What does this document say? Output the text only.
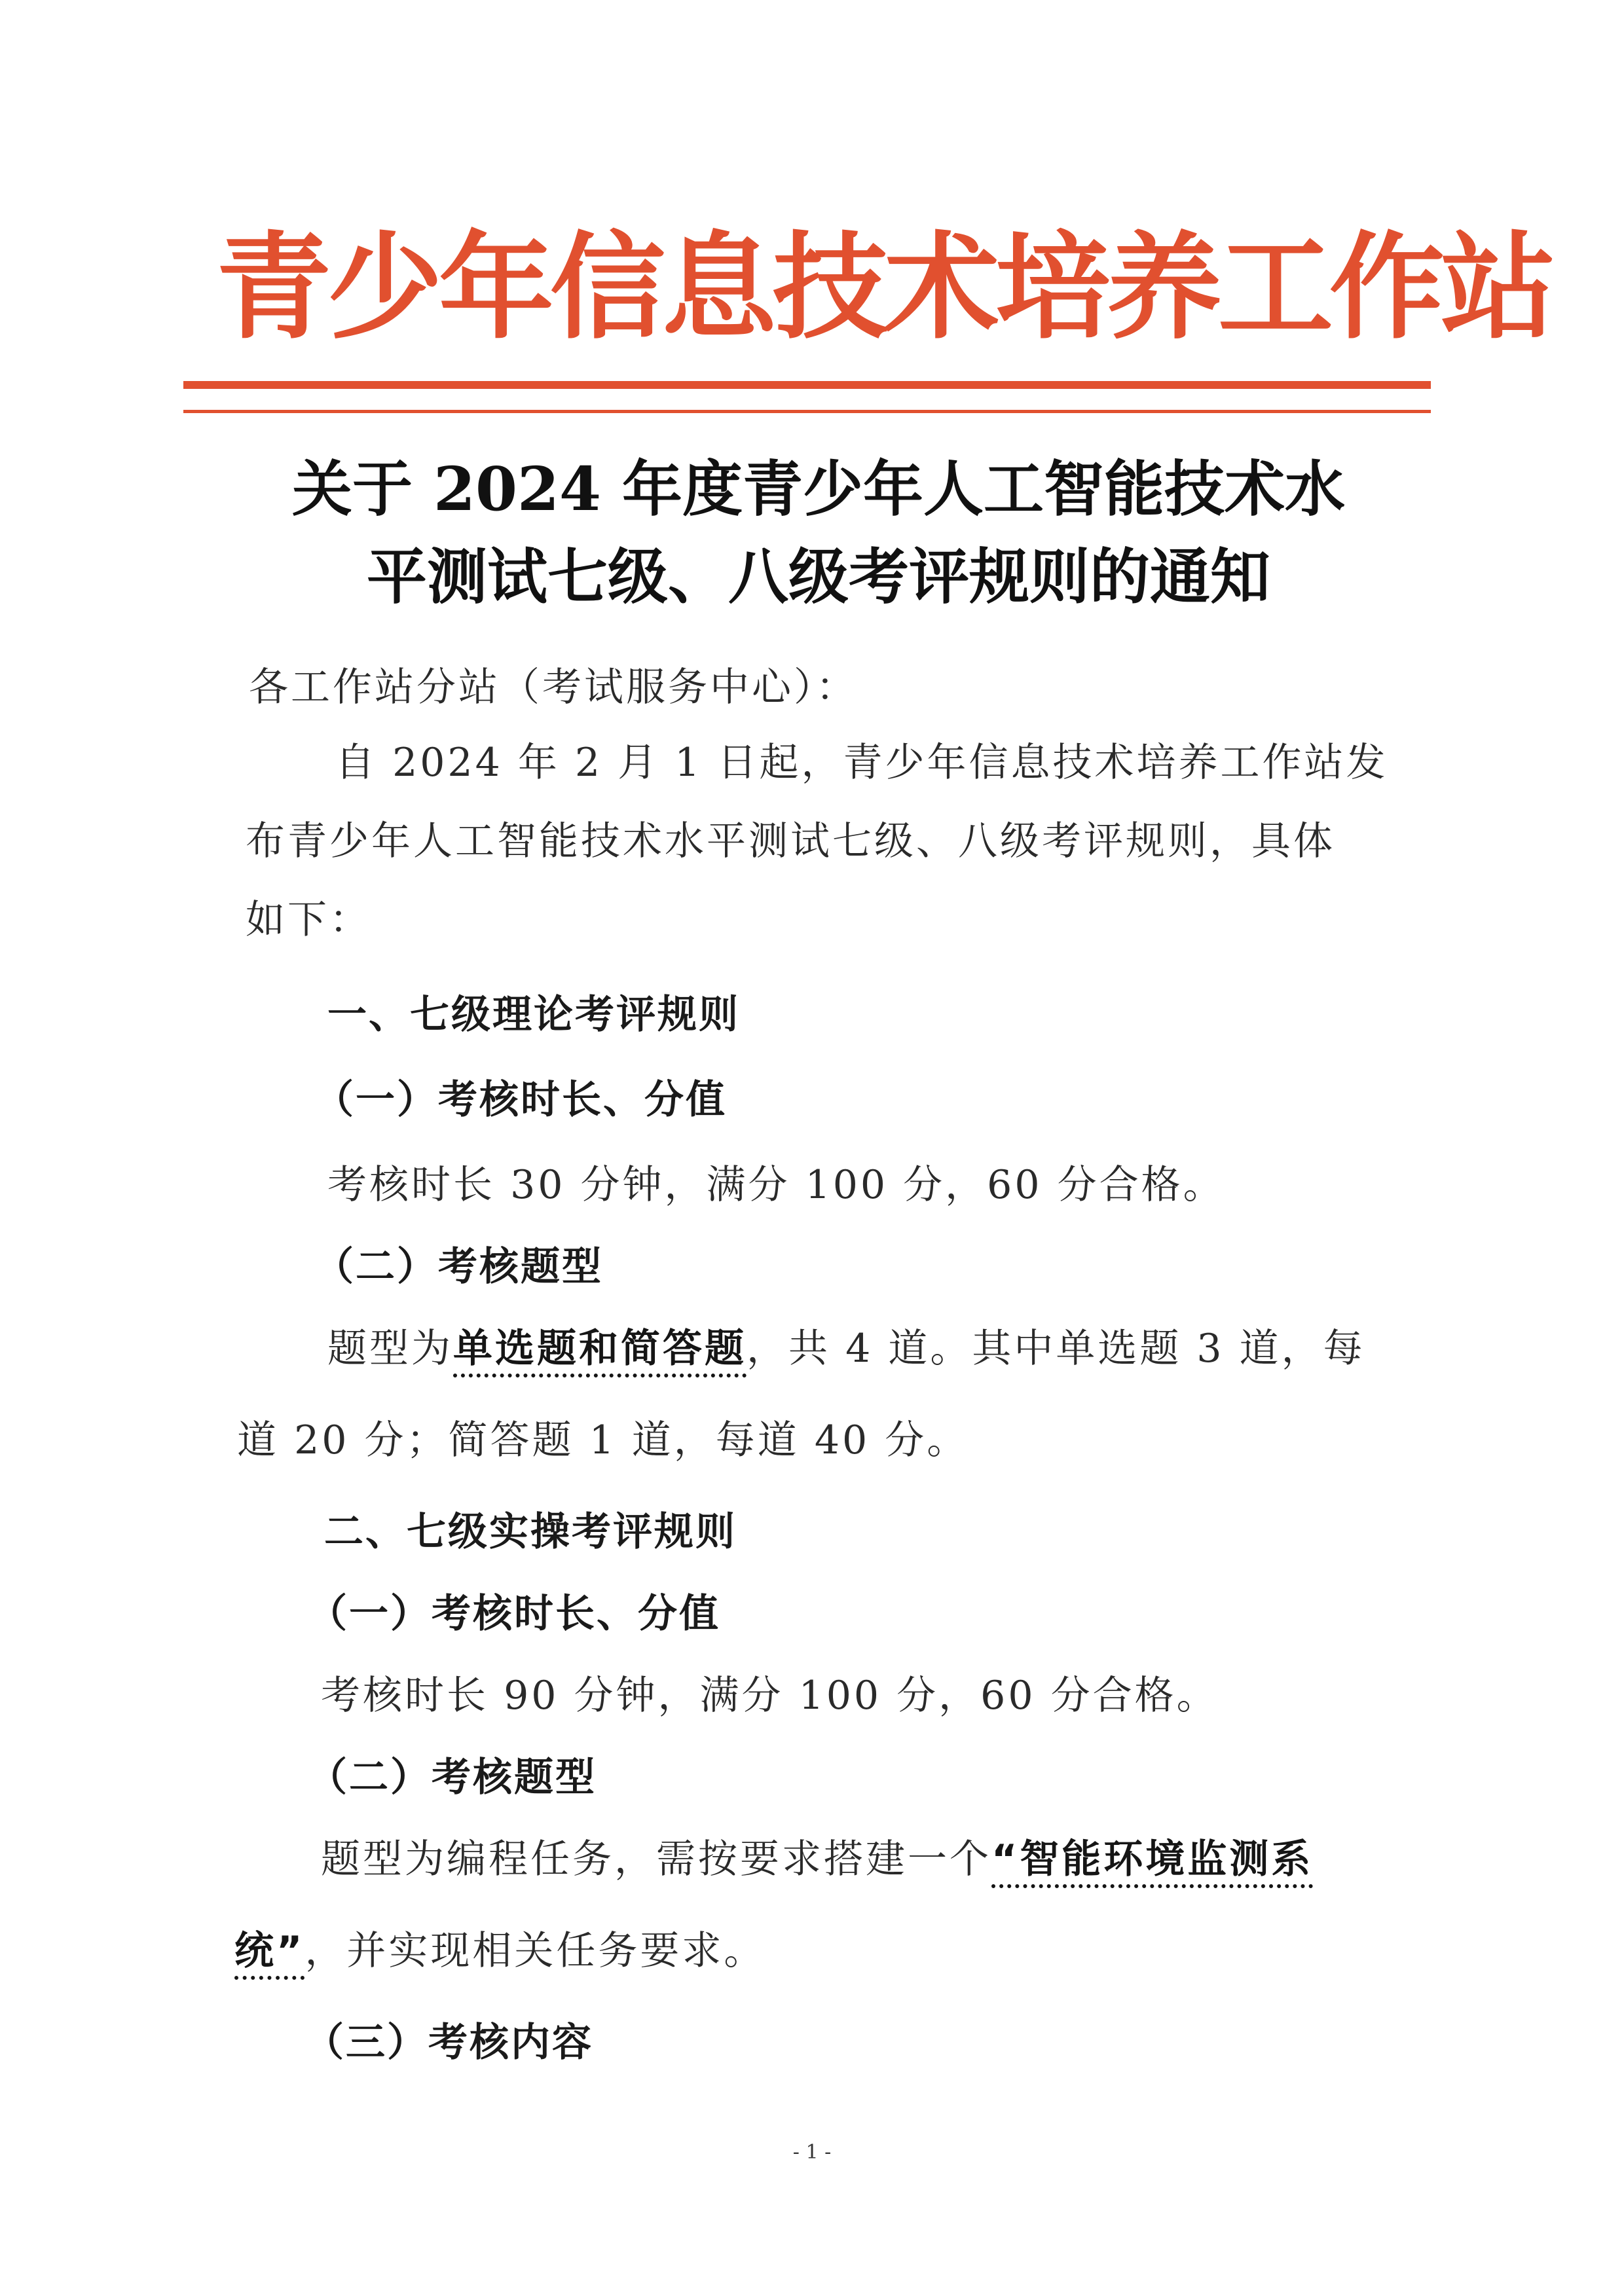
青少年信息技术培养工作站
关于 2024 年度青少年人工智能技术水
平测试七级、八级考评规则的通知
各工作站分站（考试服务中心）：
自 2024 年 2 月 1 日起，青少年信息技术培养工作站发
布青少年人工智能技术水平测试七级、八级考评规则，具体
如下：
一、七级理论考评规则
（一）考核时长、分值
考核时长 30 分钟，满分 100 分，60 分合格。
（二）考核题型
题型为单选题和简答题，共 4 道。其中单选题 3 道，每
道 20 分；简答题 1 道，每道 40 分。
二、七级实操考评规则
（一）考核时长、分值
考核时长 90 分钟，满分 100 分，60 分合格。
（二）考核题型
题型为编程任务，需按要求搭建一个“智能环境监测系
统”，并实现相关任务要求。
（三）考核内容
- 1 -
